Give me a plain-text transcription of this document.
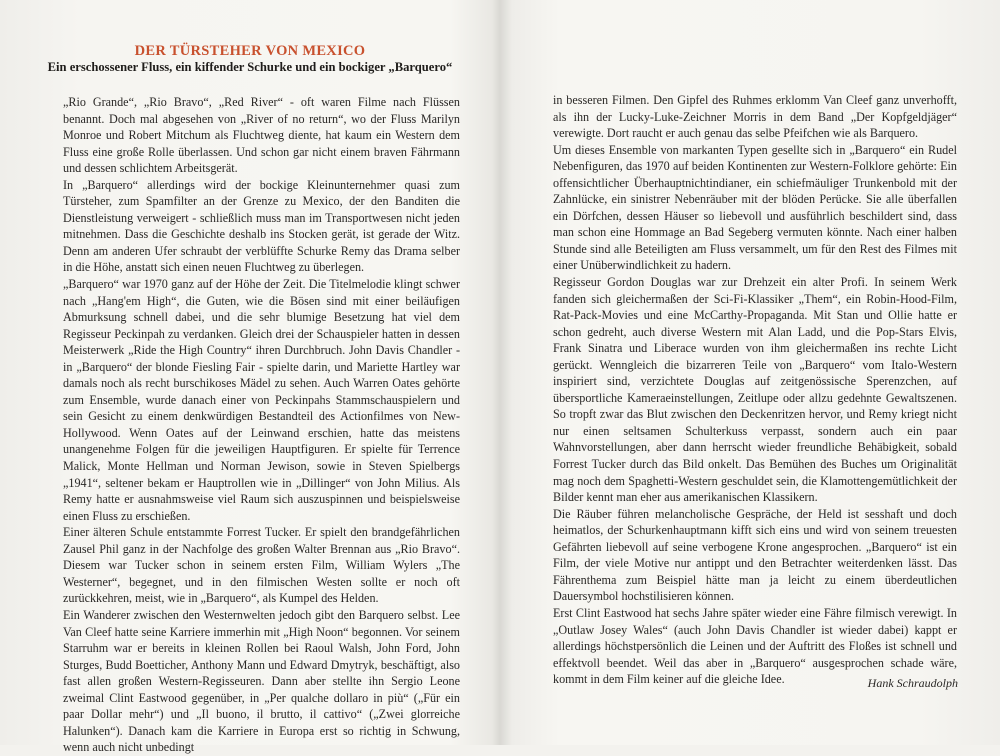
DER TÜRSTEHER VON MEXICO
Ein erschossener Fluss, ein kiffender Schurke und ein bockiger „Barquero“

„Rio Grande“, „Rio Bravo“, „Red River“ - oft waren Filme nach Flüssen benannt. Doch mal abgesehen von „River of no return“, wo der Fluss Marilyn Monroe und Robert Mitchum als Fluchtweg diente, hat kaum ein Western dem Fluss eine große Rolle überlassen. Und schon gar nicht einem braven Fährmann und dessen schlichtem Arbeitsgerät.

In „Barquero“ allerdings wird der bockige Kleinunternehmer quasi zum Türsteher, zum Spamfilter an der Grenze zu Mexico, der den Banditen die Dienstleistung verweigert - schließlich muss man im Transportwesen nicht jeden mitnehmen. Dass die Geschichte deshalb ins Stocken gerät, ist gerade der Witz. Denn am anderen Ufer schraubt der verblüffte Schurke Remy das Drama selber in die Höhe, anstatt sich einen neuen Fluchtweg zu überlegen.

„Barquero“ war 1970 ganz auf der Höhe der Zeit. Die Titelmelodie klingt schwer nach „Hang'em High“, die Guten, wie die Bösen sind mit einer beiläufigen Abmurksung schnell dabei, und die sehr blumige Besetzung hat viel dem Regisseur Peckinpah zu verdanken. Gleich drei der Schauspieler hatten in dessen Meisterwerk „Ride the High Country“ ihren Durchbruch. John Davis Chandler - in „Barquero“ der blonde Fiesling Fair - spielte darin, und Mariette Hartley war damals noch als recht burschikoses Mädel zu sehen. Auch Warren Oates gehörte zum Ensemble, wurde danach einer von Peckinpahs Stammschauspielern und sein Gesicht zu einem denkwürdigen Bestandteil des Actionfilmes von New-Hollywood. Wenn Oates auf der Leinwand erschien, hatte das meistens unangenehme Folgen für die jeweiligen Hauptfiguren. Er spielte für Terrence Malick, Monte Hellman und Norman Jewison, sowie in Steven Spielbergs „1941“, seltener bekam er Hauptrollen wie in „Dillinger“ von John Milius. Als Remy hatte er ausnahmsweise viel Raum sich auszuspinnen und beispielsweise einen Fluss zu erschießen.

Einer älteren Schule entstammte Forrest Tucker. Er spielt den brandgefährlichen Zausel Phil ganz in der Nachfolge des großen Walter Brennan aus „Rio Bravo“. Diesem war Tucker schon in seinem ersten Film, William Wylers „The Westerner“, begegnet, und in den filmischen Westen sollte er noch oft zurückkehren, meist, wie in „Barquero“, als Kumpel des Helden.

Ein Wanderer zwischen den Westernwelten jedoch gibt den Barquero selbst. Lee Van Cleef hatte seine Karriere immerhin mit „High Noon“ begonnen. Vor seinem Starruhm war er bereits in kleinen Rollen bei Raoul Walsh, John Ford, John Sturges, Budd Boetticher, Anthony Mann und Edward Dmytryk, beschäftigt, also fast allen großen Western-Regisseuren. Dann aber stellte ihn Sergio Leone zweimal Clint Eastwood gegenüber, in „Per qualche dollaro in più“ („Für ein paar Dollar mehr“) und „Il buono, il brutto, il cattivo“ („Zwei glorreiche Halunken“). Danach kam die Karriere in Europa erst so richtig in Schwung, wenn auch nicht unbedingt

in besseren Filmen. Den Gipfel des Ruhmes erklomm Van Cleef ganz unverhofft, als ihn der Lucky-Luke-Zeichner Morris in dem Band „Der Kopfgeldjäger“ verewigte. Dort raucht er auch genau das selbe Pfeifchen wie als Barquero.

Um dieses Ensemble von markanten Typen gesellte sich in „Barquero“ ein Rudel Nebenfiguren, das 1970 auf beiden Kontinenten zur Western-Folklore gehörte: Ein offensichtlicher Überhauptnichtindianer, ein schiefmäuliger Trunkenbold mit der Zahnlücke, ein sinistrer Nebenräuber mit der blöden Perücke. Sie alle überfallen ein Dörfchen, dessen Häuser so liebevoll und ausführlich beschildert sind, dass man schon eine Hommage an Bad Segeberg vermuten könnte. Nach einer halben Stunde sind alle Beteiligten am Fluss versammelt, um für den Rest des Filmes mit einer Unüberwindlichkeit zu hadern.

Regisseur Gordon Douglas war zur Drehzeit ein alter Profi. In seinem Werk fanden sich gleichermaßen der Sci-Fi-Klassiker „Them“, ein Robin-Hood-Film, Rat-Pack-Movies und eine McCarthy-Propaganda. Mit Stan und Ollie hatte er schon gedreht, auch diverse Western mit Alan Ladd, und die Pop-Stars Elvis, Frank Sinatra und Liberace wurden von ihm gleichermaßen ins rechte Licht gerückt. Wenngleich die bizarreren Teile von „Barquero“ vom Italo-Western inspiriert sind, verzichtete Douglas auf zeitgenössische Sperenzchen, auf übersportliche Kameraeinstellungen, Zeitlupe oder allzu gedehnte Gewaltszenen. So tropft zwar das Blut zwischen den Deckenritzen hervor, und Remy kriegt nicht nur einen seltsamen Schulterkuss verpasst, sondern auch ein paar Wahnvorstellungen, aber dann herrscht wieder freundliche Behäbigkeit, sobald Forrest Tucker durch das Bild onkelt. Das Bemühen des Buches um Originalität mag noch dem Spaghetti-Western geschuldet sein, die Klamottengemütlichkeit der Bilder kennt man eher aus amerikanischen Klassikern.

Die Räuber führen melancholische Gespräche, der Held ist sesshaft und doch heimatlos, der Schurkenhauptmann kifft sich eins und wird von seinem treuesten Gefährten liebevoll auf seine verbogene Krone angesprochen. „Barquero“ ist ein Film, der viele Motive nur antippt und den Betrachter weiterdenken lässt. Das Fährenthema zum Beispiel hätte man ja leicht zu einem überdeutlichen Dauersymbol hochstilisieren können.

Erst Clint Eastwood hat sechs Jahre später wieder eine Fähre filmisch verewigt. In „Outlaw Josey Wales“ (auch John Davis Chandler ist wieder dabei) kappt er allerdings höchstpersönlich die Leinen und der Auftritt des Floßes ist schnell und effektvoll beendet. Weil das aber in „Barquero“ ausgesprochen schade wäre, kommt in dem Film keiner auf die gleiche Idee.	Hank Schraudolph
